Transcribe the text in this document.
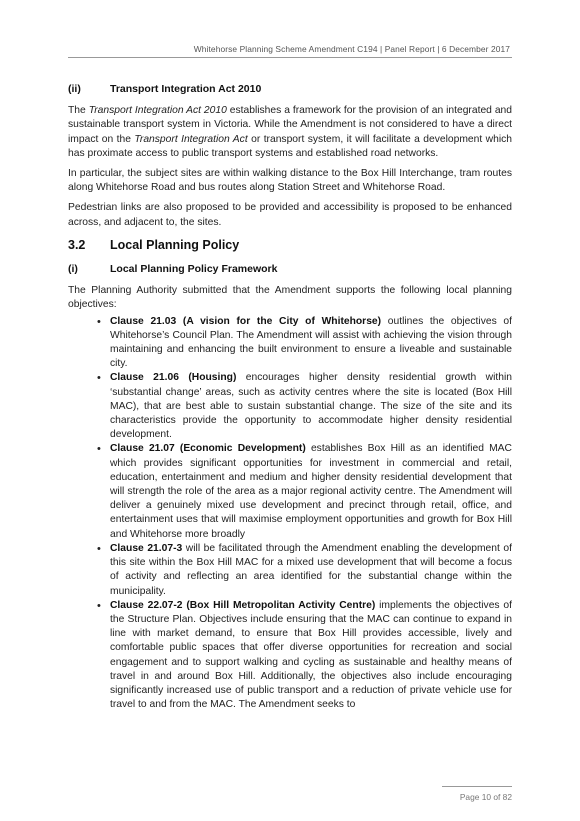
Whitehorse Planning Scheme Amendment C194 | Panel Report | 6 December 2017
(ii)	Transport Integration Act 2010

The Transport Integration Act 2010 establishes a framework for the provision of an integrated and sustainable transport system in Victoria. While the Amendment is not considered to have a direct impact on the Transport Integration Act or transport system, it will facilitate a development which has proximate access to public transport systems and established road networks.

In particular, the subject sites are within walking distance to the Box Hill Interchange, tram routes along Whitehorse Road and bus routes along Station Street and Whitehorse Road.

Pedestrian links are also proposed to be provided and accessibility is proposed to be enhanced across, and adjacent to, the sites.

3.2	Local Planning Policy
(i)	Local Planning Policy Framework

The Planning Authority submitted that the Amendment supports the following local planning objectives:

• Clause 21.03 (A vision for the City of Whitehorse) outlines the objectives of Whitehorse’s Council Plan. The Amendment will assist with achieving the vision through maintaining and enhancing the built environment to ensure a liveable and sustainable city.
• Clause 21.06 (Housing) encourages higher density residential growth within ‘substantial change’ areas, such as activity centres where the site is located (Box Hill MAC), that are best able to sustain substantial change. The size of the site and its characteristics provide the opportunity to accommodate higher density residential development.
• Clause 21.07 (Economic Development) establishes Box Hill as an identified MAC which provides significant opportunities for investment in commercial and retail, education, entertainment and medium and higher density residential development that will strength the role of the area as a major regional activity centre. The Amendment will deliver a genuinely mixed use development and precinct through retail, office, and entertainment uses that will maximise employment opportunities and growth for Box Hill and Whitehorse more broadly
• Clause 21.07-3 will be facilitated through the Amendment enabling the development of this site within the Box Hill MAC for a mixed use development that will become a focus of activity and reflecting an area identified for the substantial change within the municipality.
• Clause 22.07-2 (Box Hill Metropolitan Activity Centre) implements the objectives of the Structure Plan. Objectives include ensuring that the MAC can continue to expand in line with market demand, to ensure that Box Hill provides accessible, lively and comfortable public spaces that offer diverse opportunities for recreation and social engagement and to support walking and cycling as sustainable and healthy means of travel in and around Box Hill. Additionally, the objectives also include encouraging significantly increased use of public transport and a reduction of private vehicle use for travel to and from the MAC. The Amendment seeks to
Page 10 of 82
